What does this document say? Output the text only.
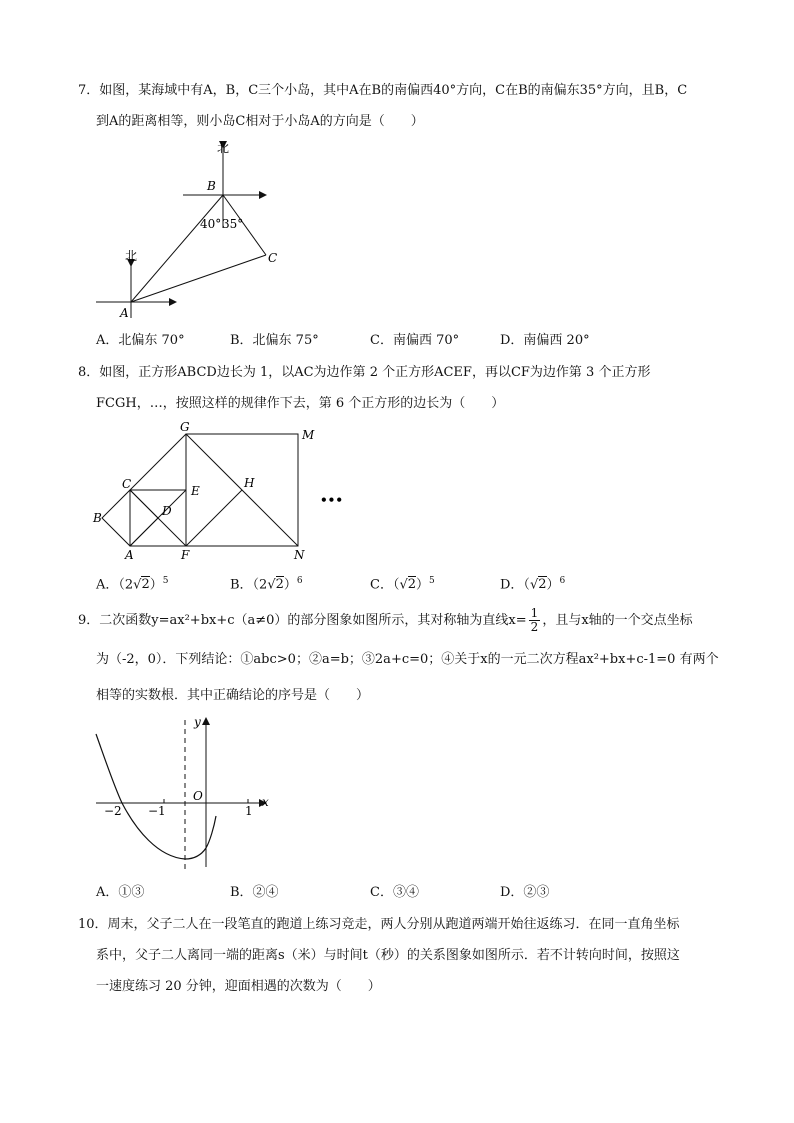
7．如图，某海域中有A，B，C三个小岛，其中A在B的南偏西40°方向，C在B的南偏东35°方向，且B，C
到A的距离相等，则小岛C相对于小岛A的方向是（　　）
北
北
B
A
C
40° 35°
A．北偏东 70°	B．北偏东 75°	C．南偏西 70°	D．南偏西 20°
8．如图，正方形ABCD边长为 1，以AC为边作第 2 个正方形ACEF，再以CF为边作第 3 个正方形
FCGH，…，按照这样的规律作下去，第 6 个正方形的边长为（　　）
G
M
C	E
H
B	D
A	F	N
•••
A．$(2√2)^5$	B．$(2√2)^6$	C．$(√2)^5$	D．$(√2)^6$
9．二次函数y=ax²+bx+c（a≠0）的部分图象如图所示，其对称轴为直线$x= \frac{1}{2}$ ，且与x轴的一个交点坐标
为（-2，0）．下列结论：①abc>0；②a=b；③2a+c=0；④关于x的一元二次方程ax²+bx+c-1=0 有两个
相等的实数根．其中正确结论的序号是（　　）
y
x
O
−2 −1	1
A．①③	B．②④	C．③④	D．②③
10．周末，父子二人在一段笔直的跑道上练习竞走，两人分别从跑道两端开始往返练习．在同一直角坐标
系中，父子二人离同一端的距离s（米）与时间t（秒）的关系图象如图所示．若不计转向时间，按照这
一速度练习 20 分钟，迎面相遇的次数为（　　）
